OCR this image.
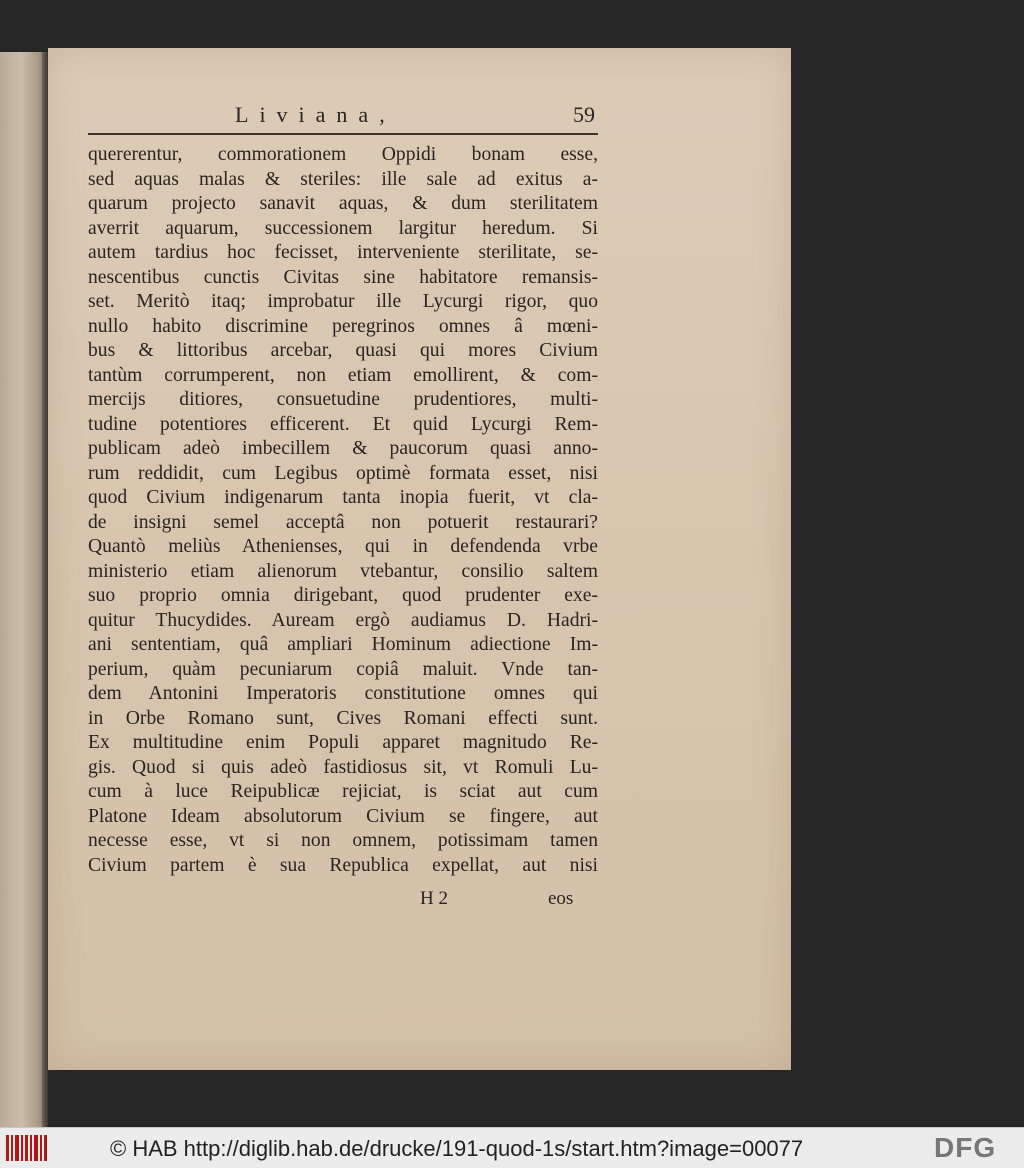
Liviana,	59
quererentur, commorationem Oppidi bonam esse,
sed aquas malas & steriles: ille sale ad exitus a-
quarum projecto sanavit aquas, & dum sterilitatem
averrit aquarum, successionem largitur heredum. Si
autem tardius hoc fecisset, interveniente sterilitate, se-
nescentibus cunctis Civitas sine habitatore remansis-
set. Meritò itaq; improbatur ille Lycurgi rigor, quo
nullo habito discrimine peregrinos omnes â mœni-
bus & littoribus arcebar, quasi qui mores Civium
tantùm corrumperent, non etiam emollirent, & com-
mercijs ditiores, consuetudine prudentiores, multi-
tudine potentiores efficerent. Et quid Lycurgi Rem-
publicam adeò imbecillem & paucorum quasi anno-
rum reddidit, cum Legibus optimè formata esset, nisi
quod Civium indigenarum tanta inopia fuerit, vt cla-
de insigni semel acceptâ non potuerit restaurari?
Quantò meliùs Athenienses, qui in defendenda vrbe
ministerio etiam alienorum vtebantur, consilio saltem
suo proprio omnia dirigebant, quod prudenter exe-
quitur Thucydides. Auream ergò audiamus D. Hadri-
ani sententiam, quâ ampliari Hominum adiectione Im-
perium, quàm pecuniarum copiâ maluit. Vnde tan-
dem Antonini Imperatoris constitutione omnes qui
in Orbe Romano sunt, Cives Romani effecti sunt.
Ex multitudine enim Populi apparet magnitudo Re-
gis. Quod si quis adeò fastidiosus sit, vt Romuli Lu-
cum à luce Reipublicæ rejiciat, is sciat aut cum
Platone Ideam absolutorum Civium se fingere, aut
necesse esse, vt si non omnem, potissimam tamen
Civium partem è sua Republica expellat, aut nisi
H 2	eos
© HAB http://diglib.hab.de/drucke/191-quod-1s/start.htm?image=00077	DFG
